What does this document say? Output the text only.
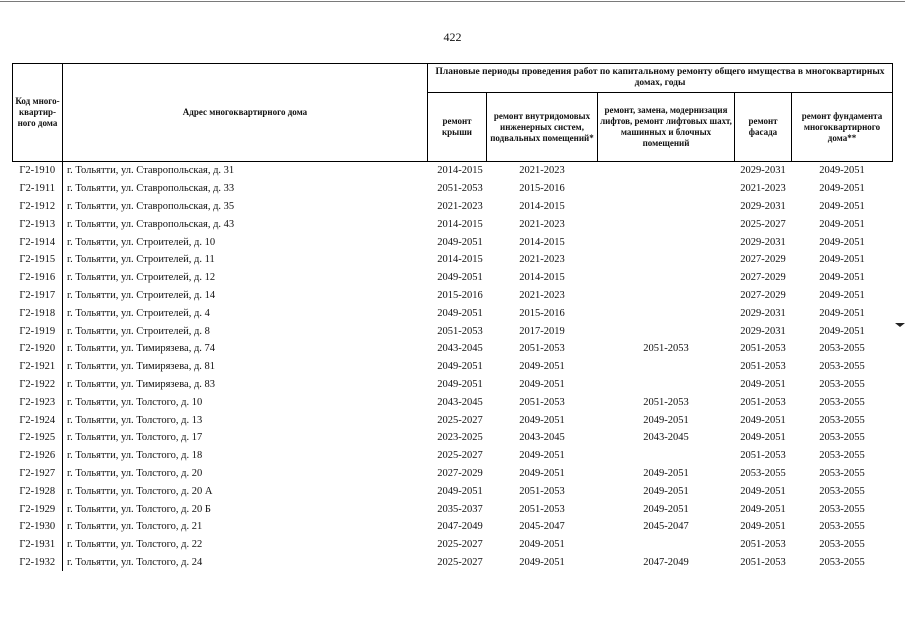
422
Код много-квартир-ного дома	Адрес многоквартирного дома	Плановые периоды проведения работ по капитальному ремонту общего имущества в многоквартирных домах, годы				
		ремонт крыши	ремонт внутридомовых инженерных систем, подвальных помещений*	ремонт, замена, модернизация лифтов, ремонт лифтовых шахт, машинных и блочных помещений	ремонт фасада	ремонт фундамента многоквартирного дома**
Г2-1910	г. Тольятти, ул. Ставропольская, д. 31	2014-2015	2021-2023		2029-2031	2049-2051
Г2-1911	г. Тольятти, ул. Ставропольская, д. 33	2051-2053	2015-2016		2021-2023	2049-2051
Г2-1912	г. Тольятти, ул. Ставропольская, д. 35	2021-2023	2014-2015		2029-2031	2049-2051
Г2-1913	г. Тольятти, ул. Ставропольская, д. 43	2014-2015	2021-2023		2025-2027	2049-2051
Г2-1914	г. Тольятти, ул. Строителей, д. 10	2049-2051	2014-2015		2029-2031	2049-2051
Г2-1915	г. Тольятти, ул. Строителей, д. 11	2014-2015	2021-2023		2027-2029	2049-2051
Г2-1916	г. Тольятти, ул. Строителей, д. 12	2049-2051	2014-2015		2027-2029	2049-2051
Г2-1917	г. Тольятти, ул. Строителей, д. 14	2015-2016	2021-2023		2027-2029	2049-2051
Г2-1918	г. Тольятти, ул. Строителей, д. 4	2049-2051	2015-2016		2029-2031	2049-2051
Г2-1919	г. Тольятти, ул. Строителей, д. 8	2051-2053	2017-2019		2029-2031	2049-2051
Г2-1920	г. Тольятти, ул. Тимирязева, д. 74	2043-2045	2051-2053	2051-2053	2051-2053	2053-2055
Г2-1921	г. Тольятти, ул. Тимирязева, д. 81	2049-2051	2049-2051		2051-2053	2053-2055
Г2-1922	г. Тольятти, ул. Тимирязева, д. 83	2049-2051	2049-2051		2049-2051	2053-2055
Г2-1923	г. Тольятти, ул. Толстого, д. 10	2043-2045	2051-2053	2051-2053	2051-2053	2053-2055
Г2-1924	г. Тольятти, ул. Толстого, д. 13	2025-2027	2049-2051	2049-2051	2049-2051	2053-2055
Г2-1925	г. Тольятти, ул. Толстого, д. 17	2023-2025	2043-2045	2043-2045	2049-2051	2053-2055
Г2-1926	г. Тольятти, ул. Толстого, д. 18	2025-2027	2049-2051		2051-2053	2053-2055
Г2-1927	г. Тольятти, ул. Толстого, д. 20	2027-2029	2049-2051	2049-2051	2053-2055	2053-2055
Г2-1928	г. Тольятти, ул. Толстого, д. 20 А	2049-2051	2051-2053	2049-2051	2049-2051	2053-2055
Г2-1929	г. Тольятти, ул. Толстого, д. 20 Б	2035-2037	2051-2053	2049-2051	2049-2051	2053-2055
Г2-1930	г. Тольятти, ул. Толстого, д. 21	2047-2049	2045-2047	2045-2047	2049-2051	2053-2055
Г2-1931	г. Тольятти, ул. Толстого, д. 22	2025-2027	2049-2051		2051-2053	2053-2055
Г2-1932	г. Тольятти, ул. Толстого, д. 24	2025-2027	2049-2051	2047-2049	2051-2053	2053-2055
